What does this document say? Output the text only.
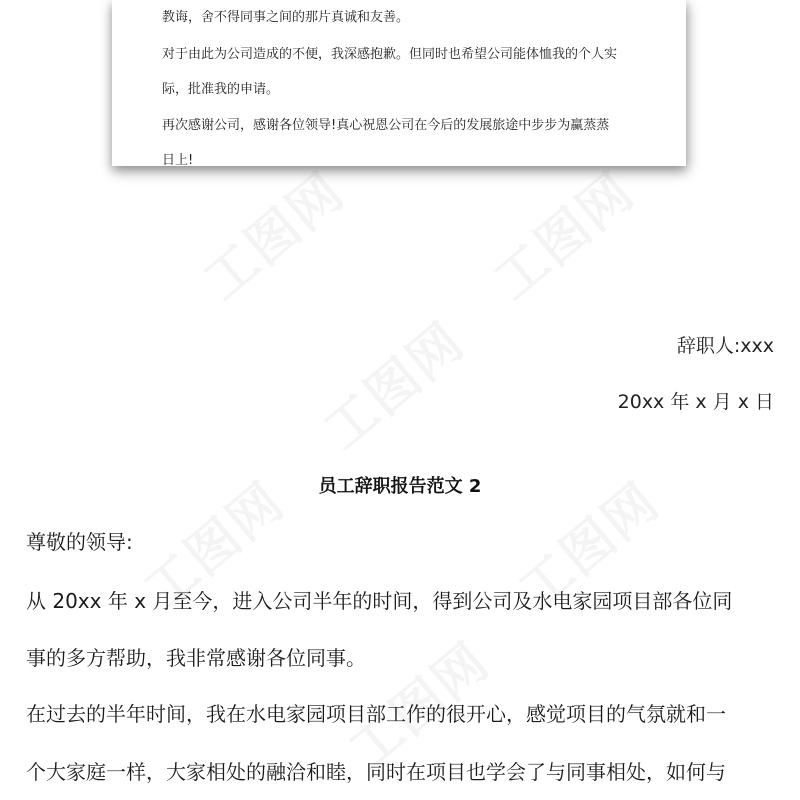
教诲，舍不得同事之间的那片真诚和友善。
对于由此为公司造成的不便，我深感抱歉。但同时也希望公司能体恤我的个人实
际，批准我的申请。
再次感谢公司，感谢各位领导!真心祝恩公司在今后的发展旅途中步步为赢蒸蒸
日上!
辞职人:xxx
20xx 年 x 月 x 日
员工辞职报告范文 2
尊敬的领导:
从 20xx 年 x 月至今，进入公司半年的时间，得到公司及水电家园项目部各位同
事的多方帮助，我非常感谢各位同事。
在过去的半年时间，我在水电家园项目部工作的很开心，感觉项目的气氛就和一
个大家庭一样，大家相处的融洽和睦，同时在项目也学会了与同事相处，如何与
